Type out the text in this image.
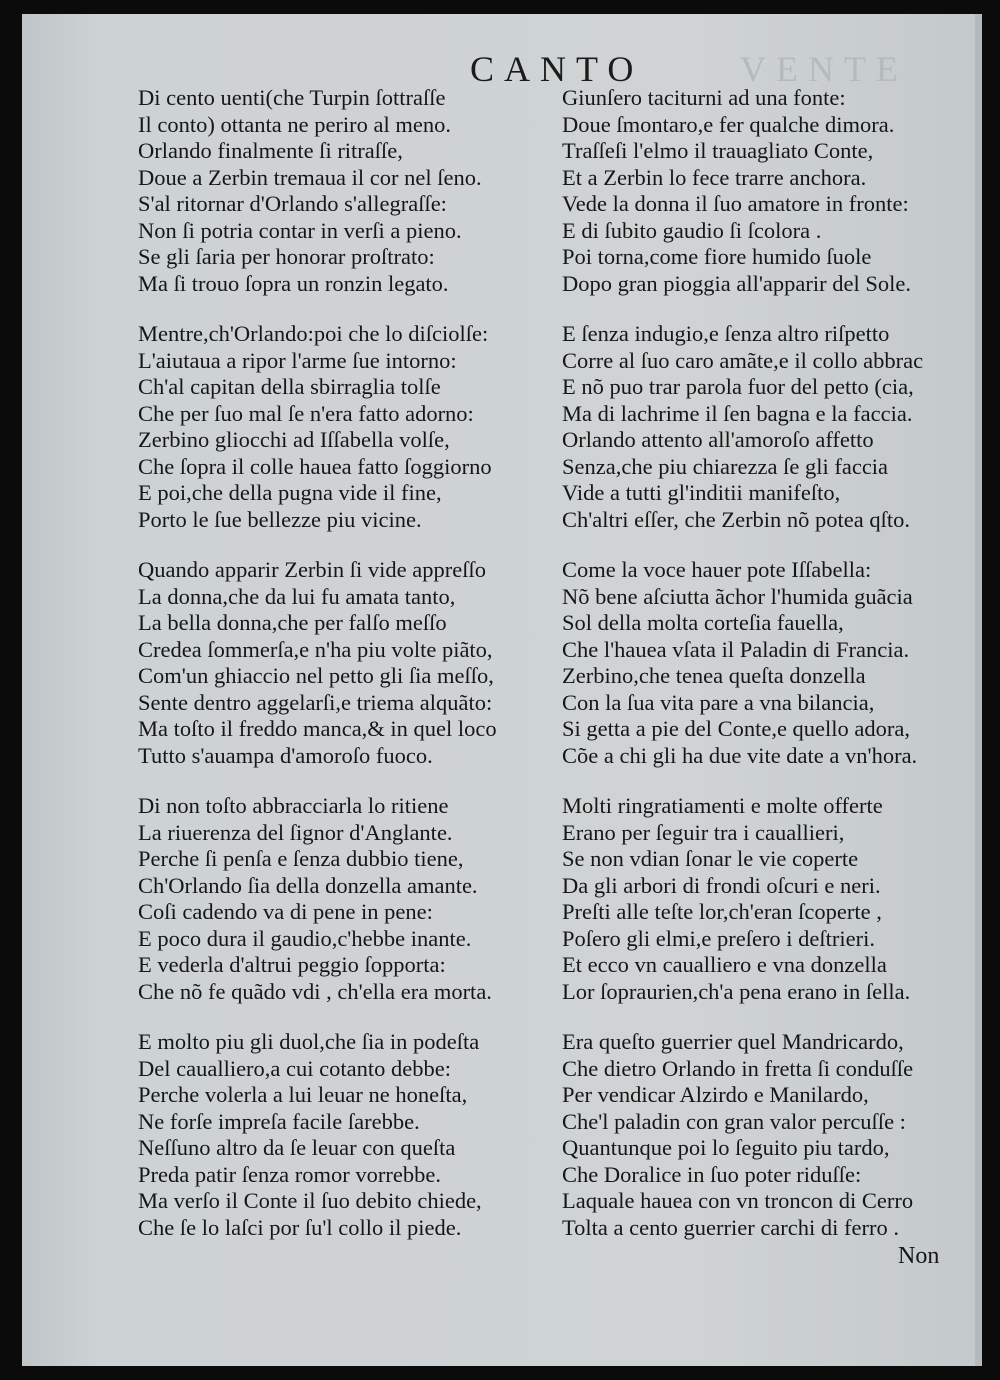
VENTE
CANTO
Di cento uenti(che Turpin ſottraſſe
Il conto) ottanta ne periro al meno.
Orlando finalmente ſi ritraſſe,
Doue a Zerbin tremaua il cor nel ſeno.
S'al ritornar d'Orlando s'allegraſſe:
Non ſi potria contar in verſi a pieno.
Se gli ſaria per honorar proſtrato:
Ma ſi trouo ſopra un ronzin legato.
Mentre,ch'Orlando:poi che lo diſciolſe:
L'aiutaua a ripor l'arme ſue intorno:
Ch'al capitan della sbirraglia tolſe
Che per ſuo mal ſe n'era fatto adorno:
Zerbino gliocchi ad Iſſabella volſe,
Che ſopra il colle hauea fatto ſoggiorno
E poi,che della pugna vide il fine,
Porto le ſue bellezze piu vicine.
Quando apparir Zerbin ſi vide appreſſo
La donna,che da lui fu amata tanto,
La bella donna,che per falſo meſſo
Credea ſommerſa,e n'ha piu volte piãto,
Com'un ghiaccio nel petto gli ſia meſſo,
Sente dentro aggelarſi,e triema alquãto:
Ma toſto il freddo manca,& in quel loco
Tutto s'auampa d'amoroſo fuoco.
Di non toſto abbracciarla lo ritiene
La riuerenza del ſignor d'Anglante.
Perche ſi penſa e ſenza dubbio tiene,
Ch'Orlando ſia della donzella amante.
Coſi cadendo va di pene in pene:
E poco dura il gaudio,c'hebbe inante.
E vederla d'altrui peggio ſopporta:
Che nõ fe quãdo vdi , ch'ella era morta.
E molto piu gli duol,che ſia in podeſta
Del caualliero,a cui cotanto debbe:
Perche volerla a lui leuar ne honeſta,
Ne forſe impreſa facile ſarebbe.
Neſſuno altro da ſe leuar con queſta
Preda patir ſenza romor vorrebbe.
Ma verſo il Conte il ſuo debito chiede,
Che ſe lo laſci por ſu'l collo il piede.
Giunſero taciturni ad una fonte:
Doue ſmontaro,e fer qualche dimora.
Traſſeſi l'elmo il trauagliato Conte,
Et a Zerbin lo fece trarre anchora.
Vede la donna il ſuo amatore in fronte:
E di ſubito gaudio ſi ſcolora .
Poi torna,come fiore humido ſuole
Dopo gran pioggia all'apparir del Sole.
E ſenza indugio,e ſenza altro riſpetto
Corre al ſuo caro amãte,e il collo abbrac
E nõ puo trar parola fuor del petto (cia,
Ma di lachrime il ſen bagna e la faccia.
Orlando attento all'amoroſo affetto
Senza,che piu chiarezza ſe gli faccia
Vide a tutti gl'inditii manifeſto,
Ch'altri eſſer, che Zerbin nõ potea qſto.
Come la voce hauer pote Iſſabella:
Nõ bene aſciutta ãchor l'humida guãcia
Sol della molta corteſia fauella,
Che l'hauea vſata il Paladin di Francia.
Zerbino,che tenea queſta donzella
Con la ſua vita pare a vna bilancia,
Si getta a pie del Conte,e quello adora,
Cõe a chi gli ha due vite date a vn'hora.
Molti ringratiamenti e molte offerte
Erano per ſeguir tra i cauallieri,
Se non vdian ſonar le vie coperte
Da gli arbori di frondi oſcuri e neri.
Preſti alle teſte lor,ch'eran ſcoperte ,
Poſero gli elmi,e preſero i deſtrieri.
Et ecco vn caualliero e vna donzella
Lor ſopraurien,ch'a pena erano in ſella.
Era queſto guerrier quel Mandricardo,
Che dietro Orlando in fretta ſi conduſſe
Per vendicar Alzirdo e Manilardo,
Che'l paladin con gran valor percuſſe :
Quantunque poi lo ſeguito piu tardo,
Che Doralice in ſuo poter riduſſe:
Laquale hauea con vn troncon di Cerro
Tolta a cento guerrier carchi di ferro .
Non
